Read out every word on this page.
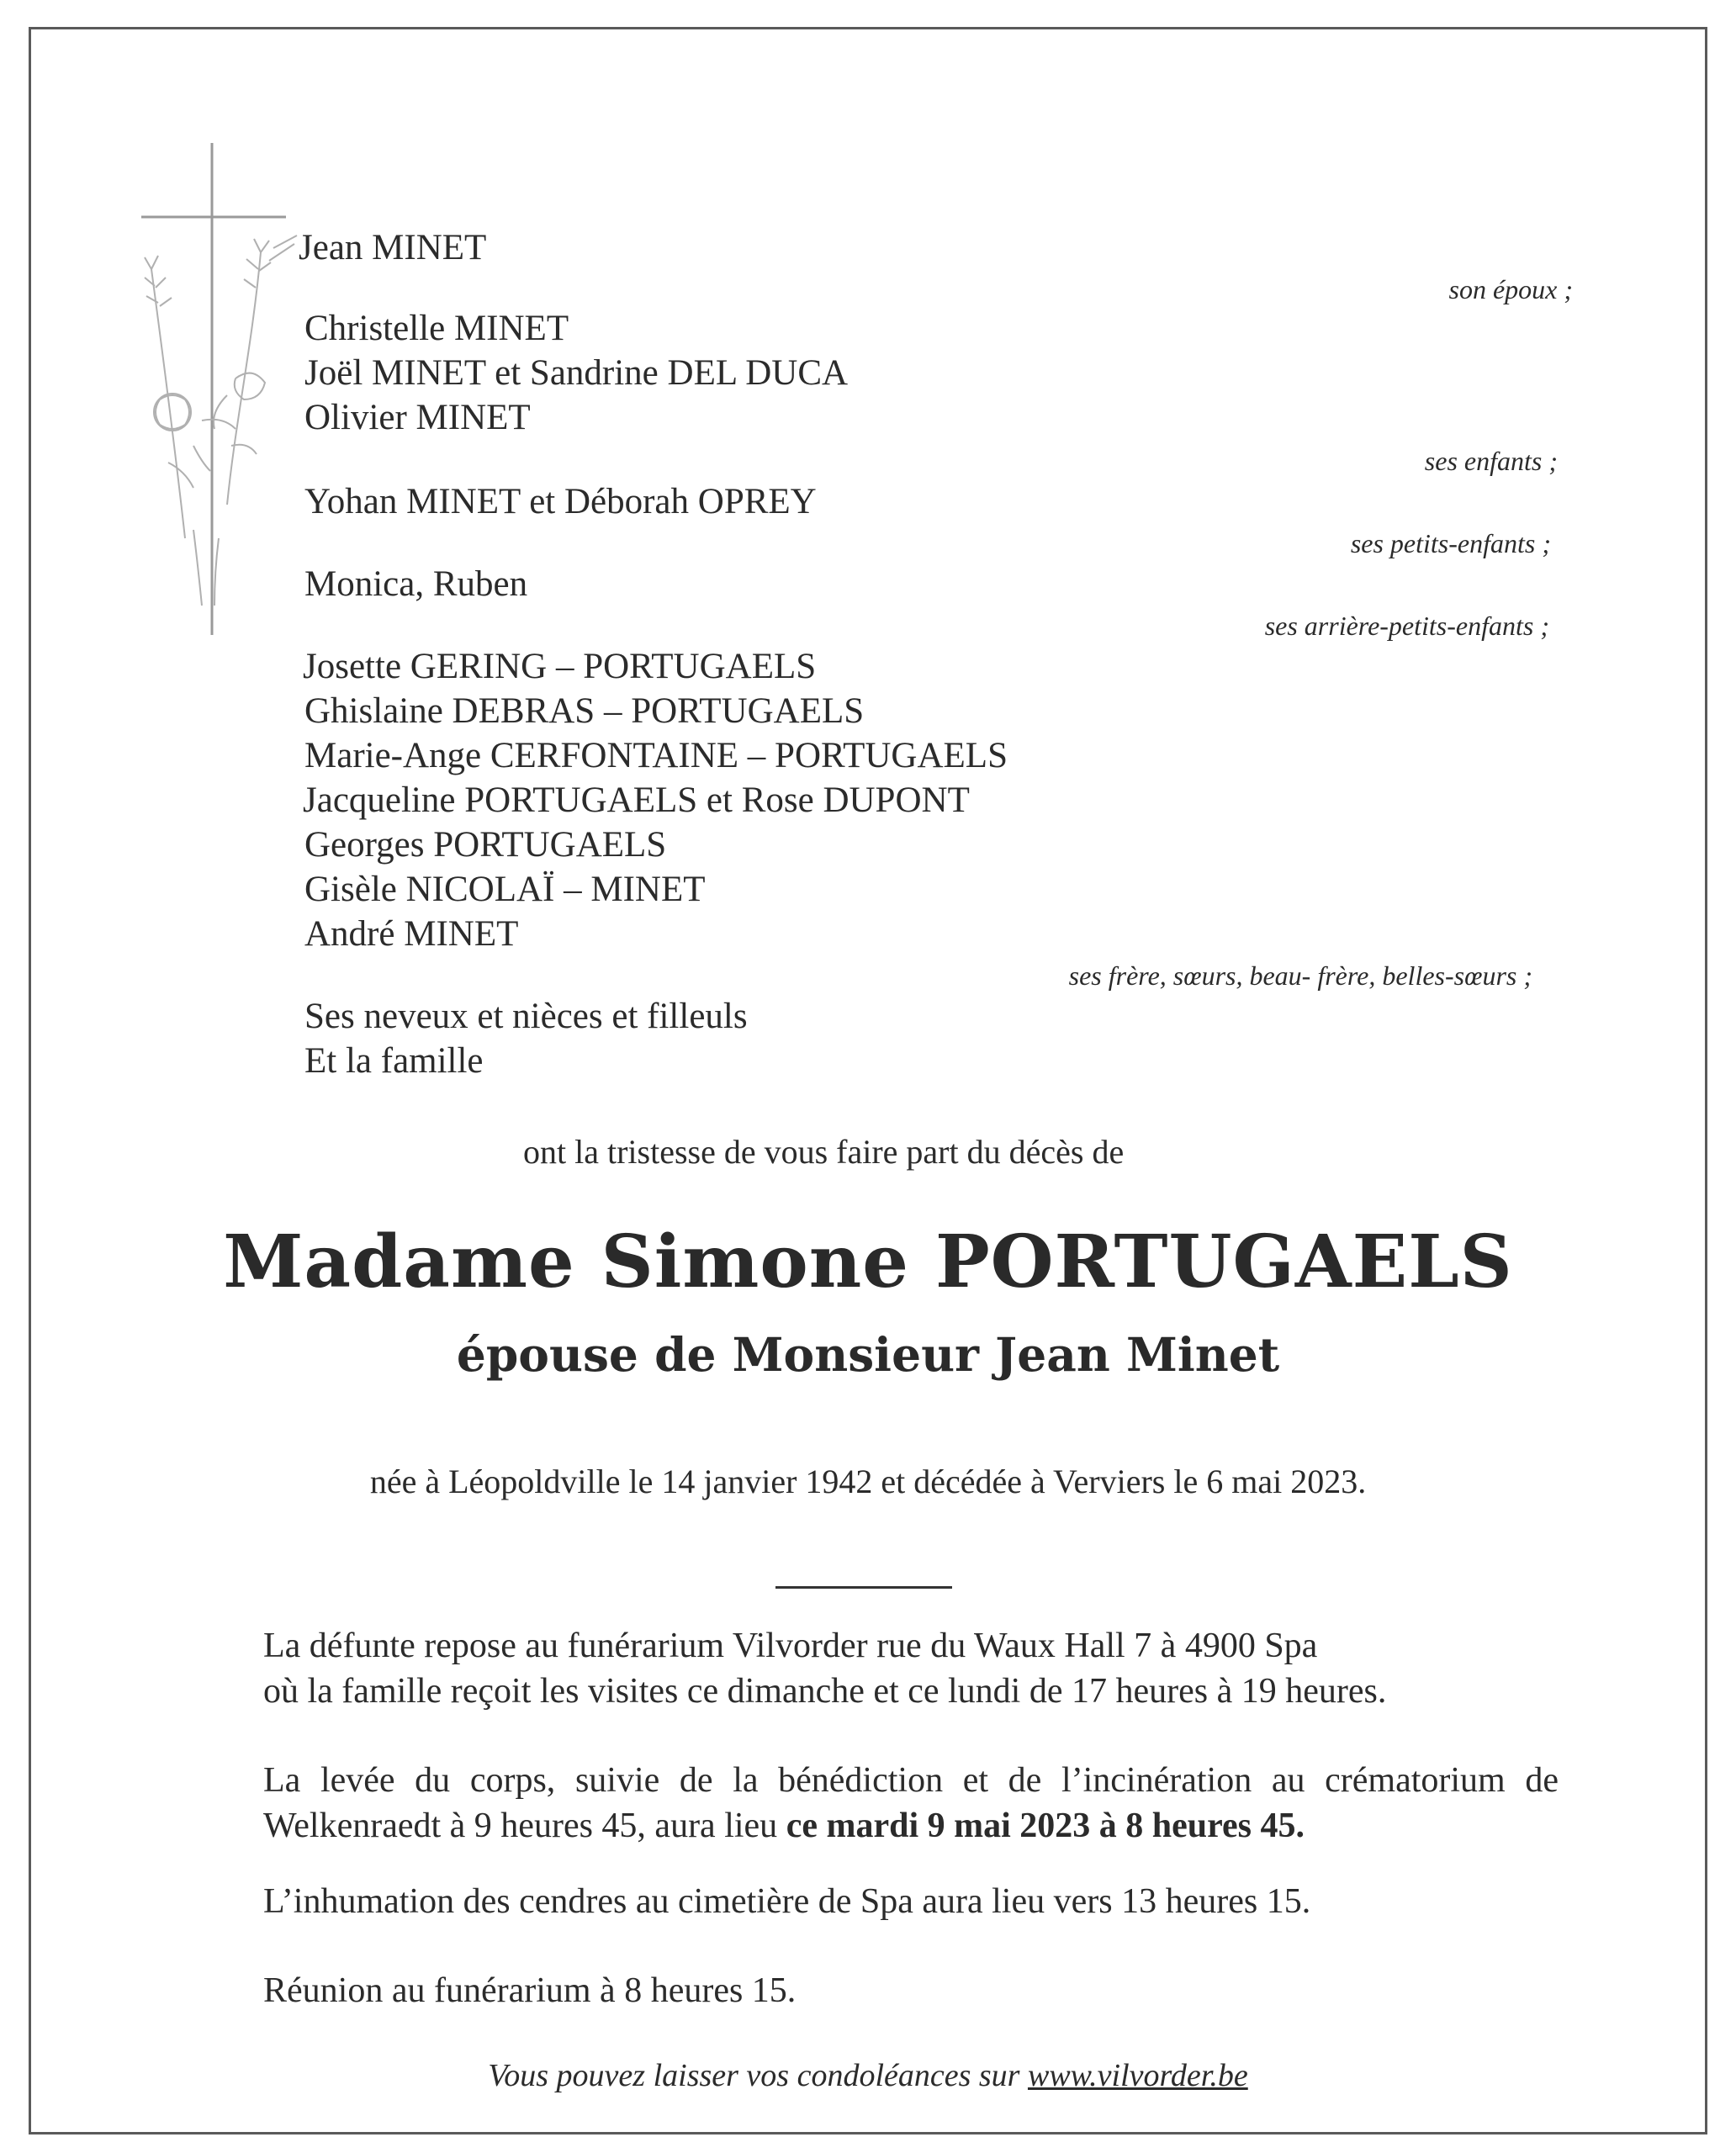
Jean MINET
son époux ;
Christelle MINET
Joël MINET et Sandrine DEL DUCA
Olivier MINET
ses enfants ;
Yohan MINET et Déborah OPREY
ses petits-enfants ;
Monica, Ruben
ses arrière-petits-enfants ;
Josette GERING – PORTUGAELS
Ghislaine DEBRAS – PORTUGAELS
Marie-Ange CERFONTAINE – PORTUGAELS
Jacqueline PORTUGAELS et Rose DUPONT
Georges PORTUGAELS
Gisèle NICOLAÏ – MINET
André MINET
ses frère, sœurs, beau- frère, belles-sœurs ;
Ses neveux et nièces et filleuls
Et la famille
ont la tristesse de vous faire part du décès de
Madame Simone PORTUGAELS
épouse de Monsieur Jean Minet
née à Léopoldville le 14 janvier 1942 et décédée à Verviers le 6 mai 2023.
La défunte repose au funérarium Vilvorder rue du Waux Hall 7 à 4900 Spa
où la famille reçoit les visites ce dimanche et ce lundi de 17 heures à 19 heures.
La levée du corps, suivie de la bénédiction et de l’incinération au crématorium de Welkenraedt à 9 heures 45, aura lieu ce mardi 9 mai 2023 à 8 heures 45.
L’inhumation des cendres au cimetière de Spa aura lieu vers 13 heures 15.
Réunion au funérarium à 8 heures 15.
Vous pouvez laisser vos condoléances sur www.vilvorder.be
